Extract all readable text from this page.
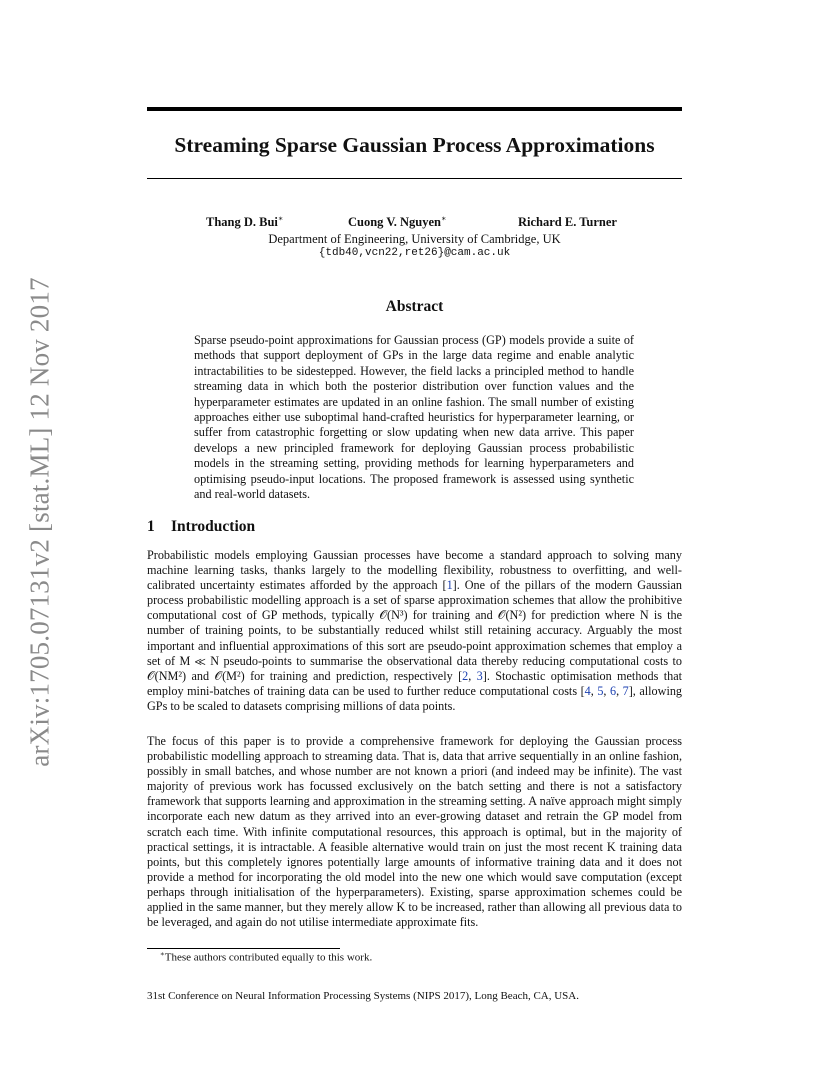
arXiv:1705.07131v2 [stat.ML] 12 Nov 2017
Streaming Sparse Gaussian Process Approximations
Thang D. Bui∗	Cuong V. Nguyen∗	Richard E. Turner
Department of Engineering, University of Cambridge, UK
{tdb40,vcn22,ret26}@cam.ac.uk
Abstract
Sparse pseudo-point approximations for Gaussian process (GP) models provide a suite of methods that support deployment of GPs in the large data regime and enable analytic intractabilities to be sidestepped. However, the field lacks a principled method to handle streaming data in which both the posterior distribution over function values and the hyperparameter estimates are updated in an online fashion. The small number of existing approaches either use suboptimal hand-crafted heuristics for hyperparameter learning, or suffer from catastrophic forgetting or slow updating when new data arrive. This paper develops a new principled framework for deploying Gaussian process probabilistic models in the streaming setting, providing methods for learning hyperparameters and optimising pseudo-input locations. The proposed framework is assessed using synthetic and real-world datasets.
1 Introduction
Probabilistic models employing Gaussian processes have become a standard approach to solving many machine learning tasks, thanks largely to the modelling flexibility, robustness to overfitting, and well-calibrated uncertainty estimates afforded by the approach [1]. One of the pillars of the modern Gaussian process probabilistic modelling approach is a set of sparse approximation schemes that allow the prohibitive computational cost of GP methods, typically 𝒪(N³) for training and 𝒪(N²) for prediction where N is the number of training points, to be substantially reduced whilst still retaining accuracy. Arguably the most important and influential approximations of this sort are pseudo-point approximation schemes that employ a set of M ≪ N pseudo-points to summarise the observational data thereby reducing computational costs to 𝒪(NM²) and 𝒪(M²) for training and prediction, respectively [2, 3]. Stochastic optimisation methods that employ mini-batches of training data can be used to further reduce computational costs [4, 5, 6, 7], allowing GPs to be scaled to datasets comprising millions of data points.
The focus of this paper is to provide a comprehensive framework for deploying the Gaussian process probabilistic modelling approach to streaming data. That is, data that arrive sequentially in an online fashion, possibly in small batches, and whose number are not known a priori (and indeed may be infinite). The vast majority of previous work has focussed exclusively on the batch setting and there is not a satisfactory framework that supports learning and approximation in the streaming setting. A naïve approach might simply incorporate each new datum as they arrived into an ever-growing dataset and retrain the GP model from scratch each time. With infinite computational resources, this approach is optimal, but in the majority of practical settings, it is intractable. A feasible alternative would train on just the most recent K training data points, but this completely ignores potentially large amounts of informative training data and it does not provide a method for incorporating the old model into the new one which would save computation (except perhaps through initialisation of the hyperparameters). Existing, sparse approximation schemes could be applied in the same manner, but they merely allow K to be increased, rather than allowing all previous data to be leveraged, and again do not utilise intermediate approximate fits.
∗These authors contributed equally to this work.
31st Conference on Neural Information Processing Systems (NIPS 2017), Long Beach, CA, USA.
